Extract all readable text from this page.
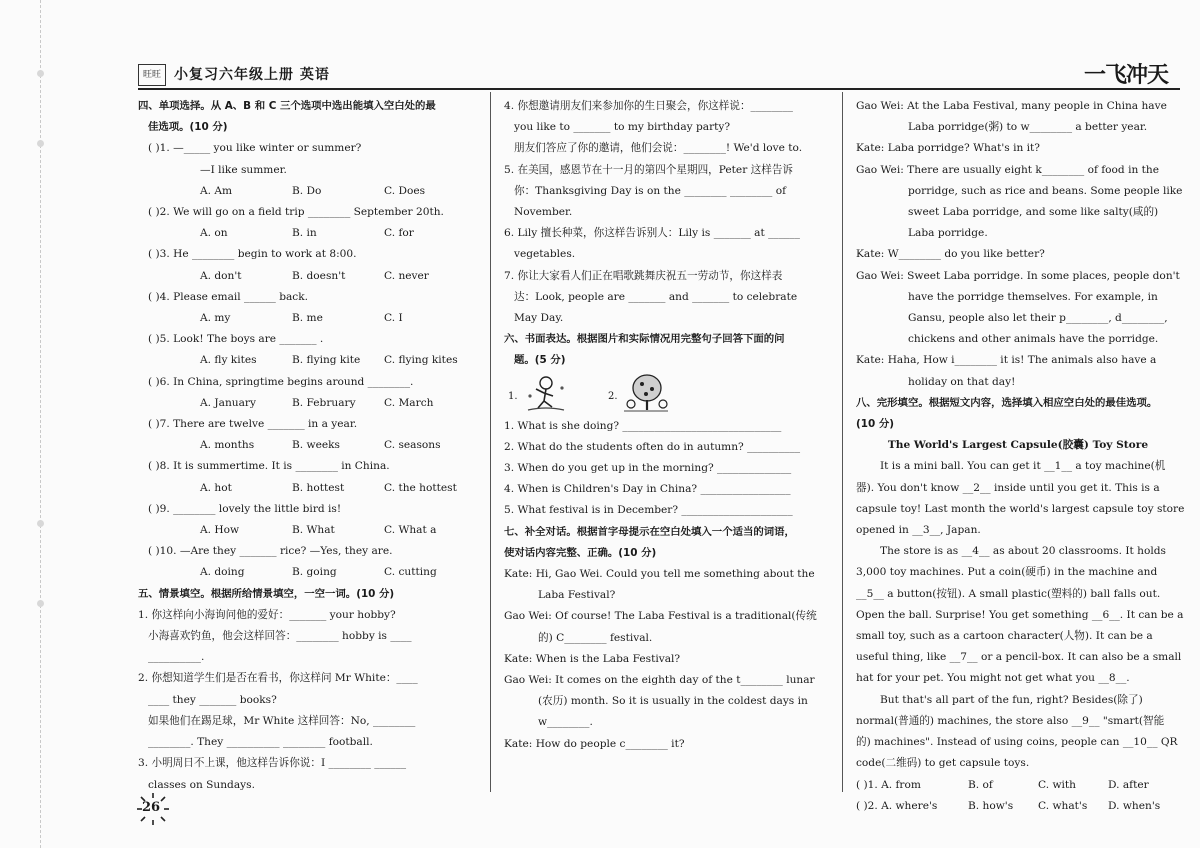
旺旺 小复习六年级上册 英语	一飞冲天
四、单项选择。从 A、B 和 C 三个选项中选出能填入空白处的最
佳选项。(10 分)
( )1. —_____ you like winter or summer?
—I like summer.
A. Am	B. Do	C. Does
( )2. We will go on a field trip ________ September 20th.
A. on	B. in	C. for
( )3. He ________ begin to work at 8:00.
A. don't	B. doesn't	C. never
( )4. Please email ______ back.
A. my	B. me	C. I
( )5. Look! The boys are _______ .
A. fly kites	B. flying kite C. flying kites
( )6. In China, springtime begins around ________.
A. January	B. February	C. March
( )7. There are twelve _______ in a year.
A. months	B. weeks	C. seasons
( )8. It is summertime. It is ________ in China.
A. hot	B. hottest	C. the hottest
( )9. ________ lovely the little bird is!
A. How	B. What	C. What a
( )10. —Are they _______ rice? —Yes, they are.
A. doing	B. going	C. cutting
五、情景填空。根据所给情景填空，一空一词。(10 分)
1. 你这样向小海询问他的爱好：_______ your hobby?
小海喜欢钓鱼，他会这样回答：________ hobby is ____
__________.
2. 你想知道学生们是否在看书，你这样问 Mr White：____
____ they _______ books?
如果他们在踢足球，Mr White 这样回答：No, ________
________. They __________ ________ football.
3. 小明周日不上课，他这样告诉你说：I ________ ______
classes on Sundays.
4. 你想邀请朋友们来参加你的生日聚会，你这样说：________
you like to _______ to my birthday party?
朋友们答应了你的邀请，他们会说：________! We'd love to.
5. 在美国，感恩节在十一月的第四个星期四，Peter 这样告诉
你：Thanksgiving Day is on the ________ ________ of
November.
6. Lily 擅长种菜，你这样告诉别人：Lily is _______ at ______
vegetables.
7. 你让大家看人们正在唱歌跳舞庆祝五一劳动节，你这样表
达：Look, people are _______ and _______ to celebrate
May Day.
六、书面表达。根据图片和实际情况用完整句子回答下面的问
题。(5 分)
1.	2.
1. What is she doing? ______________________________
2. What do the students often do in autumn? __________
3. When do you get up in the morning? ______________
4. When is Children's Day in China? _________________
5. What festival is in December? _____________________
七、补全对话。根据首字母提示在空白处填入一个适当的词语，
使对话内容完整、正确。(10 分)
Kate: Hi, Gao Wei. Could you tell me something about the
Laba Festival?
Gao Wei: Of course! The Laba Festival is a traditional(传统
的) C________ festival.
Kate: When is the Laba Festival?
Gao Wei: It comes on the eighth day of the t________ lunar
(农历) month. So it is usually in the coldest days in
w________.
Kate: How do people c________ it?
Gao Wei: At the Laba Festival, many people in China have
Laba porridge(粥) to w________ a better year.
Kate: Laba porridge? What's in it?
Gao Wei: There are usually eight k________ of food in the
porridge, such as rice and beans. Some people like
sweet Laba porridge, and some like salty(咸的)
Laba porridge.
Kate: W________ do you like better?
Gao Wei: Sweet Laba porridge. In some places, people don't
have the porridge themselves. For example, in
Gansu, people also let their p________, d________,
chickens and other animals have the porridge.
Kate: Haha, How i________ it is! The animals also have a
holiday on that day!
八、完形填空。根据短文内容，选择填入相应空白处的最佳选项。
(10 分)
The World's Largest Capsule(胶囊) Toy Store
It is a mini ball. You can get it __1__ a toy machine(机
器). You don't know __2__ inside until you get it. This is a
capsule toy! Last month the world's largest capsule toy store
opened in __3__, Japan.
The store is as __4__ as about 20 classrooms. It holds
3,000 toy machines. Put a coin(硬币) in the machine and
__5__ a button(按钮). A small plastic(塑料的) ball falls out.
Open the ball. Surprise! You get something __6__. It can be a
small toy, such as a cartoon character(人物). It can be a
useful thing, like __7__ or a pencil-box. It can also be a small
hat for your pet. You might not get what you __8__.
But that's all part of the fun, right? Besides(除了)
normal(普通的) machines, the store also __9__ "smart(智能
的) machines". Instead of using coins, people can __10__ QR
code(二维码) to get capsule toys.
( )1. A. from	B. of	C. with	D. after
( )2. A. where's	B. how's C. what's D. when's
26
